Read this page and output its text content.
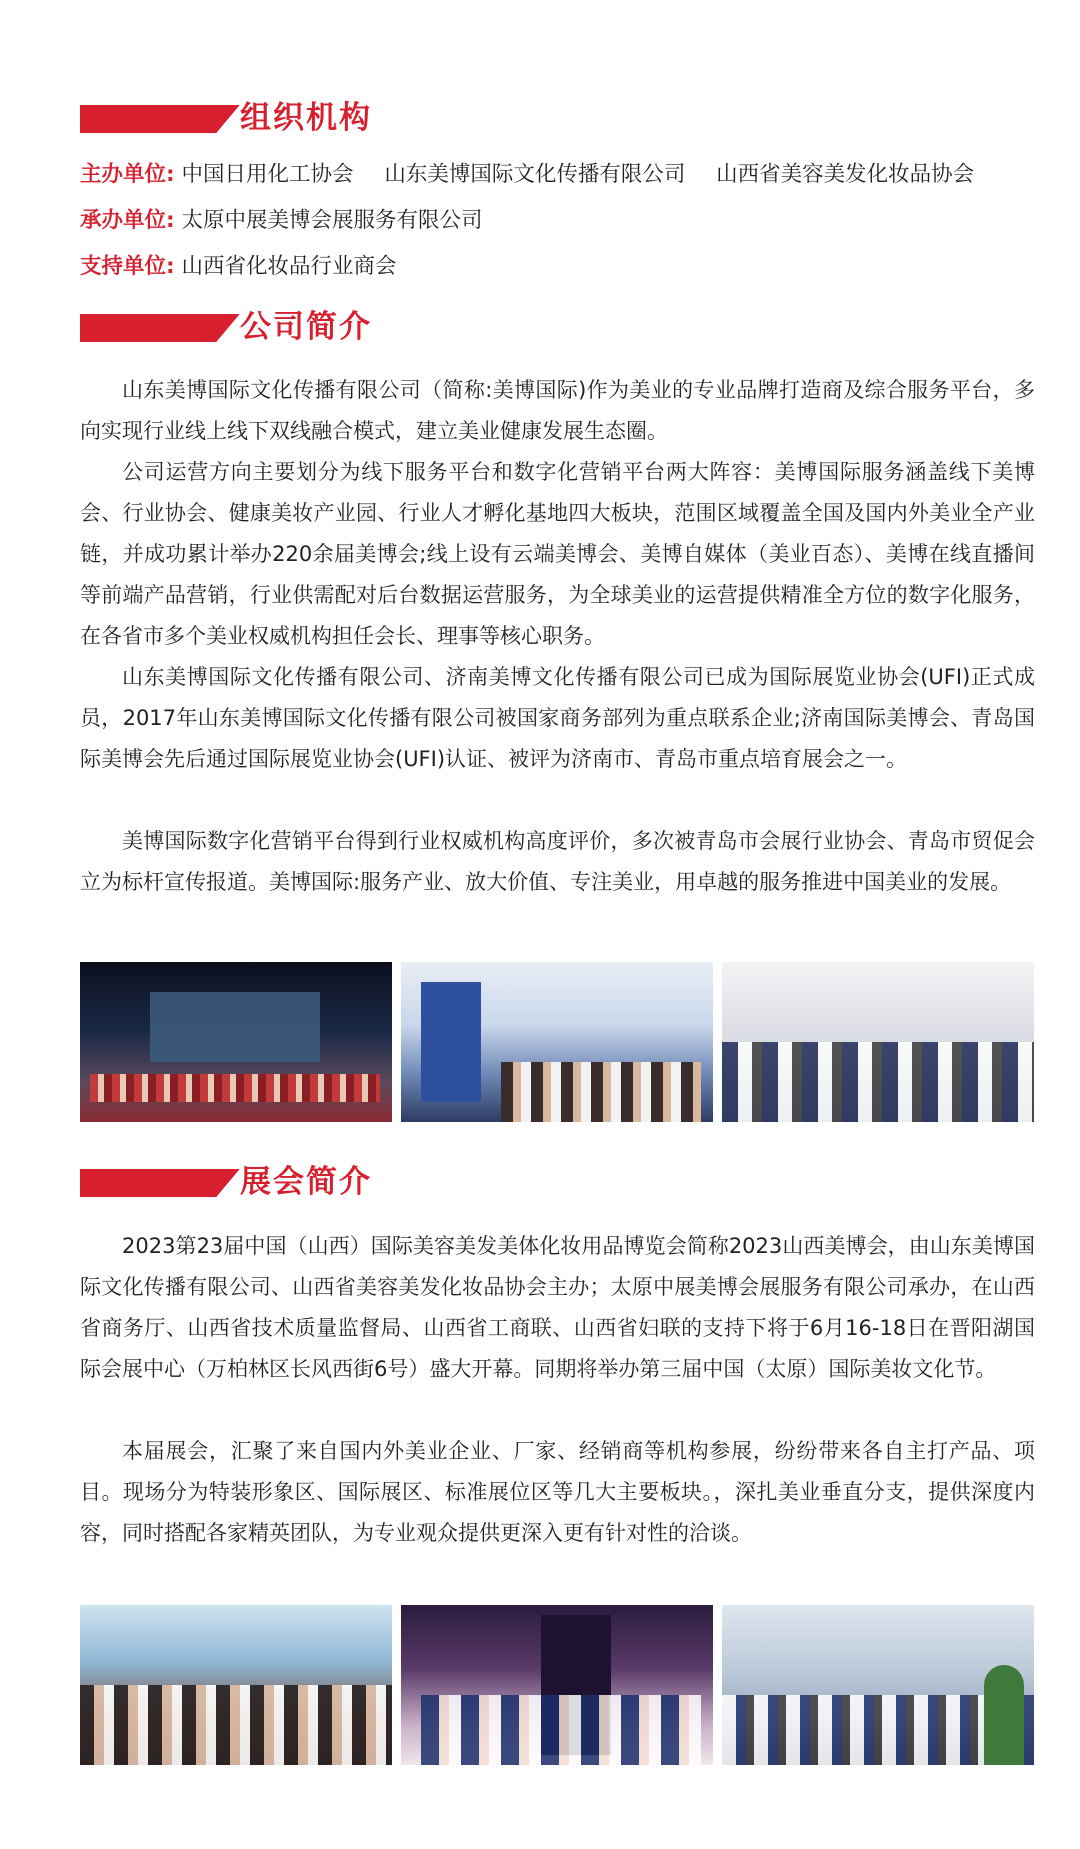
组织机构
主办单位: 中国日用化工协会 山东美博国际文化传播有限公司 山西省美容美发化妆品协会
承办单位: 太原中展美博会展服务有限公司
支持单位: 山西省化妆品行业商会
公司简介

山东美博国际文化传播有限公司（简称:美博国际)作为美业的专业品牌打造商及综合服务平台，多向实现行业线上线下双线融合模式，建立美业健康发展生态圈。

公司运营方向主要划分为线下服务平台和数字化营销平台两大阵容：美博国际服务涵盖线下美博会、行业协会、健康美妆产业园、行业人才孵化基地四大板块，范围区域覆盖全国及国内外美业全产业链，并成功累计举办220余届美博会;线上设有云端美博会、美博自媒体（美业百态）、美博在线直播间等前端产品营销，行业供需配对后台数据运营服务，为全球美业的运营提供精准全方位的数字化服务，在各省市多个美业权威机构担任会长、理事等核心职务。

山东美博国际文化传播有限公司、济南美博文化传播有限公司已成为国际展览业协会(UFI)正式成员，2017年山东美博国际文化传播有限公司被国家商务部列为重点联系企业;济南国际美博会、青岛国际美博会先后通过国际展览业协会(UFI)认证、被评为济南市、青岛市重点培育展会之一。

美博国际数字化营销平台得到行业权威机构高度评价，多次被青岛市会展行业协会、青岛市贸促会立为标杆宣传报道。美博国际:服务产业、放大价值、专注美业，用卓越的服务推进中国美业的发展。

展会简介

2023第23届中国（山西）国际美容美发美体化妆用品博览会简称2023山西美博会，由山东美博国际文化传播有限公司、山西省美容美发化妆品协会主办；太原中展美博会展服务有限公司承办，在山西省商务厅、山西省技术质量监督局、山西省工商联、山西省妇联的支持下将于6月16-18日在晋阳湖国际会展中心（万柏林区长风西街6号）盛大开幕。同期将举办第三届中国（太原）国际美妆文化节。

本届展会，汇聚了来自国内外美业企业、厂家、经销商等机构参展，纷纷带来各自主打产品、项目。现场分为特装形象区、国际展区、标准展位区等几大主要板块。，深扎美业垂直分支，提供深度内容，同时搭配各家精英团队，为专业观众提供更深入更有针对性的洽谈。
